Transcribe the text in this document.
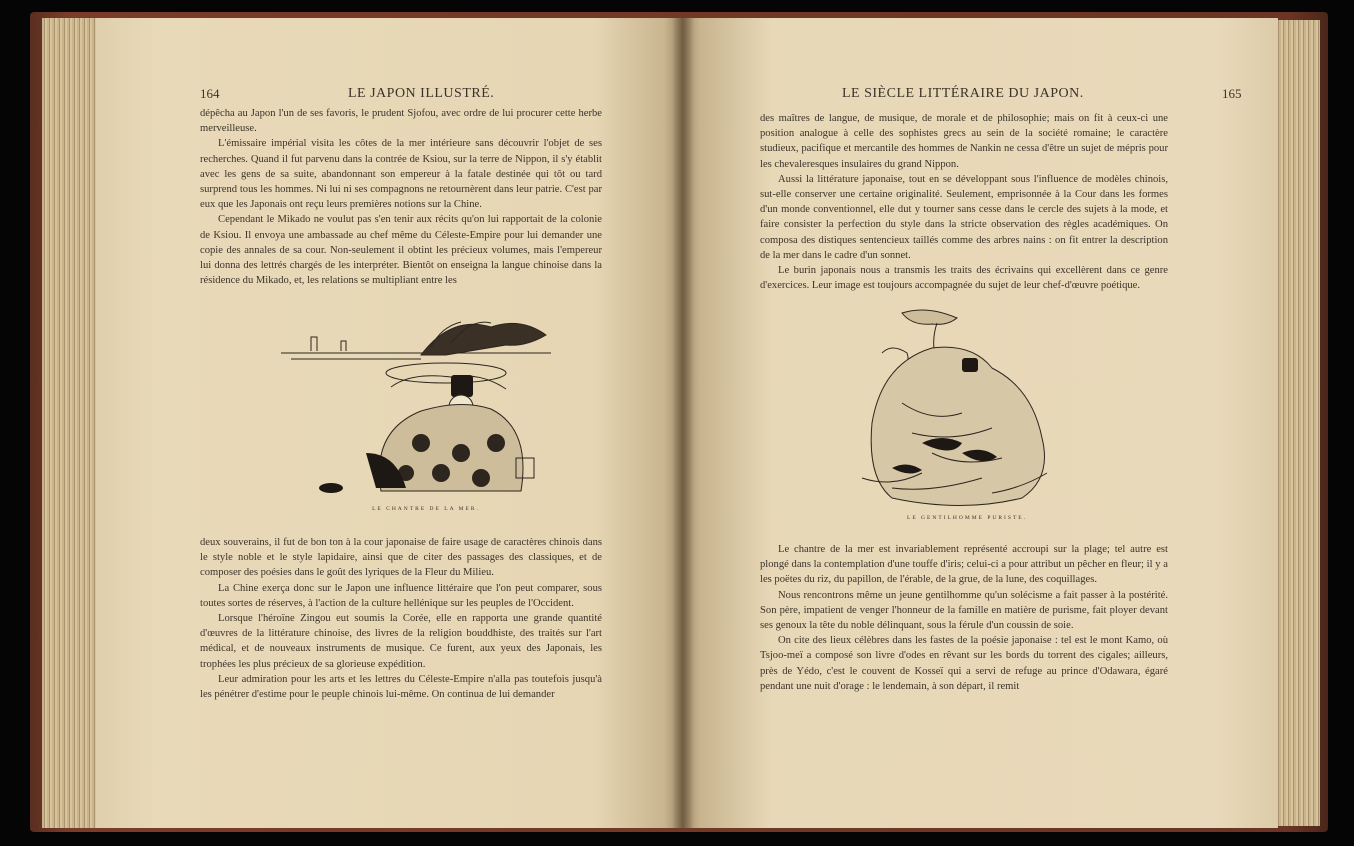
164	LE JAPON ILLUSTRÉ.

dépêcha au Japon l'un de ses favoris, le prudent Sjofou, avec ordre de lui procurer cette herbe merveilleuse.

L'émissaire impérial visita les côtes de la mer intérieure sans découvrir l'objet de ses recherches. Quand il fut parvenu dans la contrée de Ksiou, sur la terre de Nippon, il s'y établit avec les gens de sa suite, abandonnant son empereur à la fatale destinée qui tôt ou tard surprend tous les hommes. Ni lui ni ses compagnons ne retournèrent dans leur patrie. C'est par eux que les Japonais ont reçu leurs premières notions sur la Chine.

Cependant le Mikado ne voulut pas s'en tenir aux récits qu'on lui rapportait de la colonie de Ksiou. Il envoya une ambassade au chef même du Céleste-Empire pour lui demander une copie des annales de sa cour. Non-seulement il obtint les précieux volumes, mais l'empereur lui donna des lettrés chargés de les interpréter. Bientôt on enseigna la langue chinoise dans la résidence du Mikado, et, les relations se multipliant entre les

LE CHANTRE DE LA MER.

deux souverains, il fut de bon ton à la cour japonaise de faire usage de caractères chinois dans le style noble et le style lapidaire, ainsi que de citer des passages des classiques, et de composer des poésies dans le goût des lyriques de la Fleur du Milieu.

La Chine exerça donc sur le Japon une influence littéraire que l'on peut comparer, sous toutes sortes de réserves, à l'action de la culture hellénique sur les peuples de l'Occident.

Lorsque l'héroïne Zingou eut soumis la Corée, elle en rapporta une grande quantité d'œuvres de la littérature chinoise, des livres de la religion bouddhiste, des traités sur l'art médical, et de nouveaux instruments de musique. Ce furent, aux yeux des Japonais, les trophées les plus précieux de sa glorieuse expédition.

Leur admiration pour les arts et les lettres du Céleste-Empire n'alla pas toutefois jusqu'à les pénétrer d'estime pour le peuple chinois lui-même. On continua de lui demander

LE SIÈCLE LITTÉRAIRE DU JAPON.	165

des maîtres de langue, de musique, de morale et de philosophie; mais on fit à ceux-ci une position analogue à celle des sophistes grecs au sein de la société romaine; le caractère studieux, pacifique et mercantile des hommes de Nankin ne cessa d'être un sujet de mépris pour les chevaleresques insulaires du grand Nippon.

Aussi la littérature japonaise, tout en se développant sous l'influence de modèles chinois, sut-elle conserver une certaine originalité. Seulement, emprisonnée à la Cour dans les formes d'un monde conventionnel, elle dut y tourner sans cesse dans le cercle des sujets à la mode, et faire consister la perfection du style dans la stricte observation des règles académiques. On composa des distiques sentencieux taillés comme des arbres nains : on fit entrer la description de la mer dans le cadre d'un sonnet.

Le burin japonais nous a transmis les traits des écrivains qui excellèrent dans ce genre d'exercices. Leur image est toujours accompagnée du sujet de leur chef-d'œuvre poétique.

LE GENTILHOMME PURISTE.

Le chantre de la mer est invariablement représenté accroupi sur la plage; tel autre est plongé dans la contemplation d'une touffe d'iris; celui-ci a pour attribut un pêcher en fleur; il y a les poëtes du riz, du papillon, de l'érable, de la grue, de la lune, des coquillages.

Nous rencontrons même un jeune gentilhomme qu'un solécisme a fait passer à la postérité. Son père, impatient de venger l'honneur de la famille en matière de purisme, fait ployer devant ses genoux la tête du noble délinquant, sous la férule d'un coussin de soie.

On cite des lieux célèbres dans les fastes de la poésie japonaise : tel est le mont Kamo, où Tsjoo-meï a composé son livre d'odes en rêvant sur les bords du torrent des cigales; ailleurs, près de Yédo, c'est le couvent de Kosseï qui a servi de refuge au prince d'Odawara, égaré pendant une nuit d'orage : le lendemain, à son départ, il remit
